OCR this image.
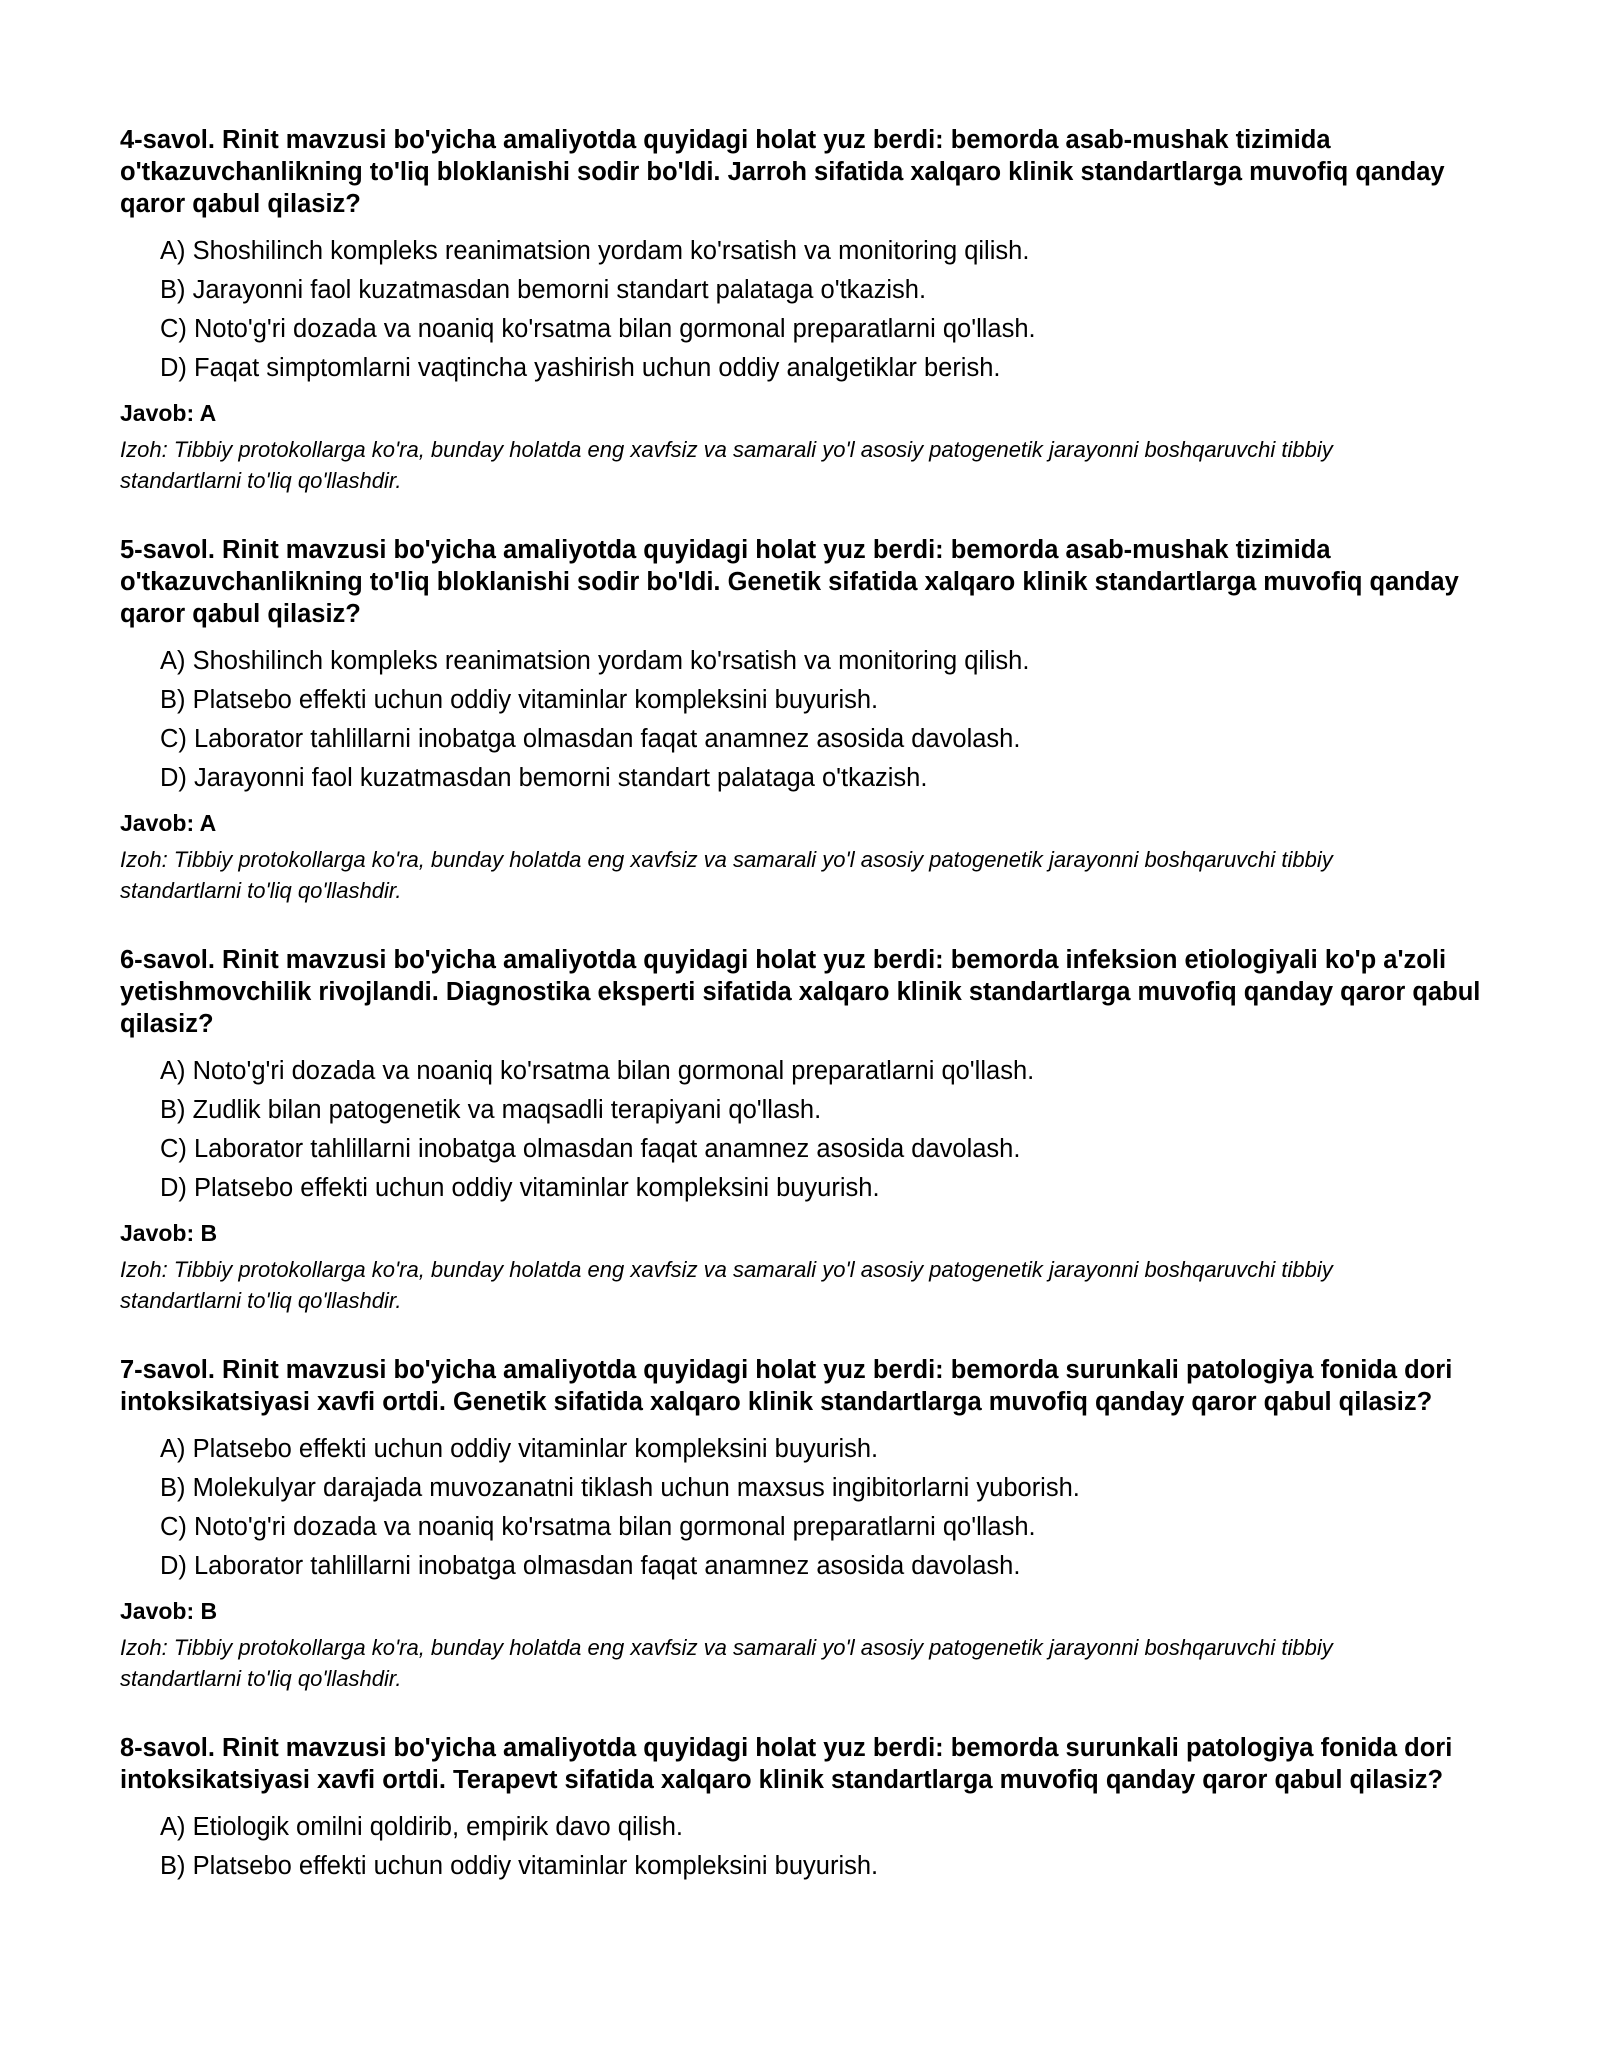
4-savol. Rinit mavzusi bo'yicha amaliyotda quyidagi holat yuz berdi: bemorda asab-mushak tizimida o'tkazuvchanlikning to'liq bloklanishi sodir bo'ldi. Jarroh sifatida xalqaro klinik standartlarga muvofiq qanday qaror qabul qilasiz?
A) Shoshilinch kompleks reanimatsion yordam ko'rsatish va monitoring qilish.
B) Jarayonni faol kuzatmasdan bemorni standart palataga o'tkazish.
C) Noto'g'ri dozada va noaniq ko'rsatma bilan gormonal preparatlarni qo'llash.
D) Faqat simptomlarni vaqtincha yashirish uchun oddiy analgetiklar berish.
Javob: A

Izoh: Tibbiy protokollarga ko'ra, bunday holatda eng xavfsiz va samarali yo'l asosiy patogenetik jarayonni boshqaruvchi tibbiy standartlarni to'liq qo'llashdir.

5-savol. Rinit mavzusi bo'yicha amaliyotda quyidagi holat yuz berdi: bemorda asab-mushak tizimida o'tkazuvchanlikning to'liq bloklanishi sodir bo'ldi. Genetik sifatida xalqaro klinik standartlarga muvofiq qanday qaror qabul qilasiz?
A) Shoshilinch kompleks reanimatsion yordam ko'rsatish va monitoring qilish.
B) Platsebo effekti uchun oddiy vitaminlar kompleksini buyurish.
C) Laborator tahlillarni inobatga olmasdan faqat anamnez asosida davolash.
D) Jarayonni faol kuzatmasdan bemorni standart palataga o'tkazish.
Javob: A

Izoh: Tibbiy protokollarga ko'ra, bunday holatda eng xavfsiz va samarali yo'l asosiy patogenetik jarayonni boshqaruvchi tibbiy standartlarni to'liq qo'llashdir.

6-savol. Rinit mavzusi bo'yicha amaliyotda quyidagi holat yuz berdi: bemorda infeksion etiologiyali ko'p a'zoli yetishmovchilik rivojlandi. Diagnostika eksperti sifatida xalqaro klinik standartlarga muvofiq qanday qaror qabul qilasiz?
A) Noto'g'ri dozada va noaniq ko'rsatma bilan gormonal preparatlarni qo'llash.
B) Zudlik bilan patogenetik va maqsadli terapiyani qo'llash.
C) Laborator tahlillarni inobatga olmasdan faqat anamnez asosida davolash.
D) Platsebo effekti uchun oddiy vitaminlar kompleksini buyurish.
Javob: B

Izoh: Tibbiy protokollarga ko'ra, bunday holatda eng xavfsiz va samarali yo'l asosiy patogenetik jarayonni boshqaruvchi tibbiy standartlarni to'liq qo'llashdir.

7-savol. Rinit mavzusi bo'yicha amaliyotda quyidagi holat yuz berdi: bemorda surunkali patologiya fonida dori intoksikatsiyasi xavfi ortdi. Genetik sifatida xalqaro klinik standartlarga muvofiq qanday qaror qabul qilasiz?
A) Platsebo effekti uchun oddiy vitaminlar kompleksini buyurish.
B) Molekulyar darajada muvozanatni tiklash uchun maxsus ingibitorlarni yuborish.
C) Noto'g'ri dozada va noaniq ko'rsatma bilan gormonal preparatlarni qo'llash.
D) Laborator tahlillarni inobatga olmasdan faqat anamnez asosida davolash.
Javob: B

Izoh: Tibbiy protokollarga ko'ra, bunday holatda eng xavfsiz va samarali yo'l asosiy patogenetik jarayonni boshqaruvchi tibbiy standartlarni to'liq qo'llashdir.

8-savol. Rinit mavzusi bo'yicha amaliyotda quyidagi holat yuz berdi: bemorda surunkali patologiya fonida dori intoksikatsiyasi xavfi ortdi. Terapevt sifatida xalqaro klinik standartlarga muvofiq qanday qaror qabul qilasiz?
A) Etiologik omilni qoldirib, empirik davo qilish.
B) Platsebo effekti uchun oddiy vitaminlar kompleksini buyurish.
